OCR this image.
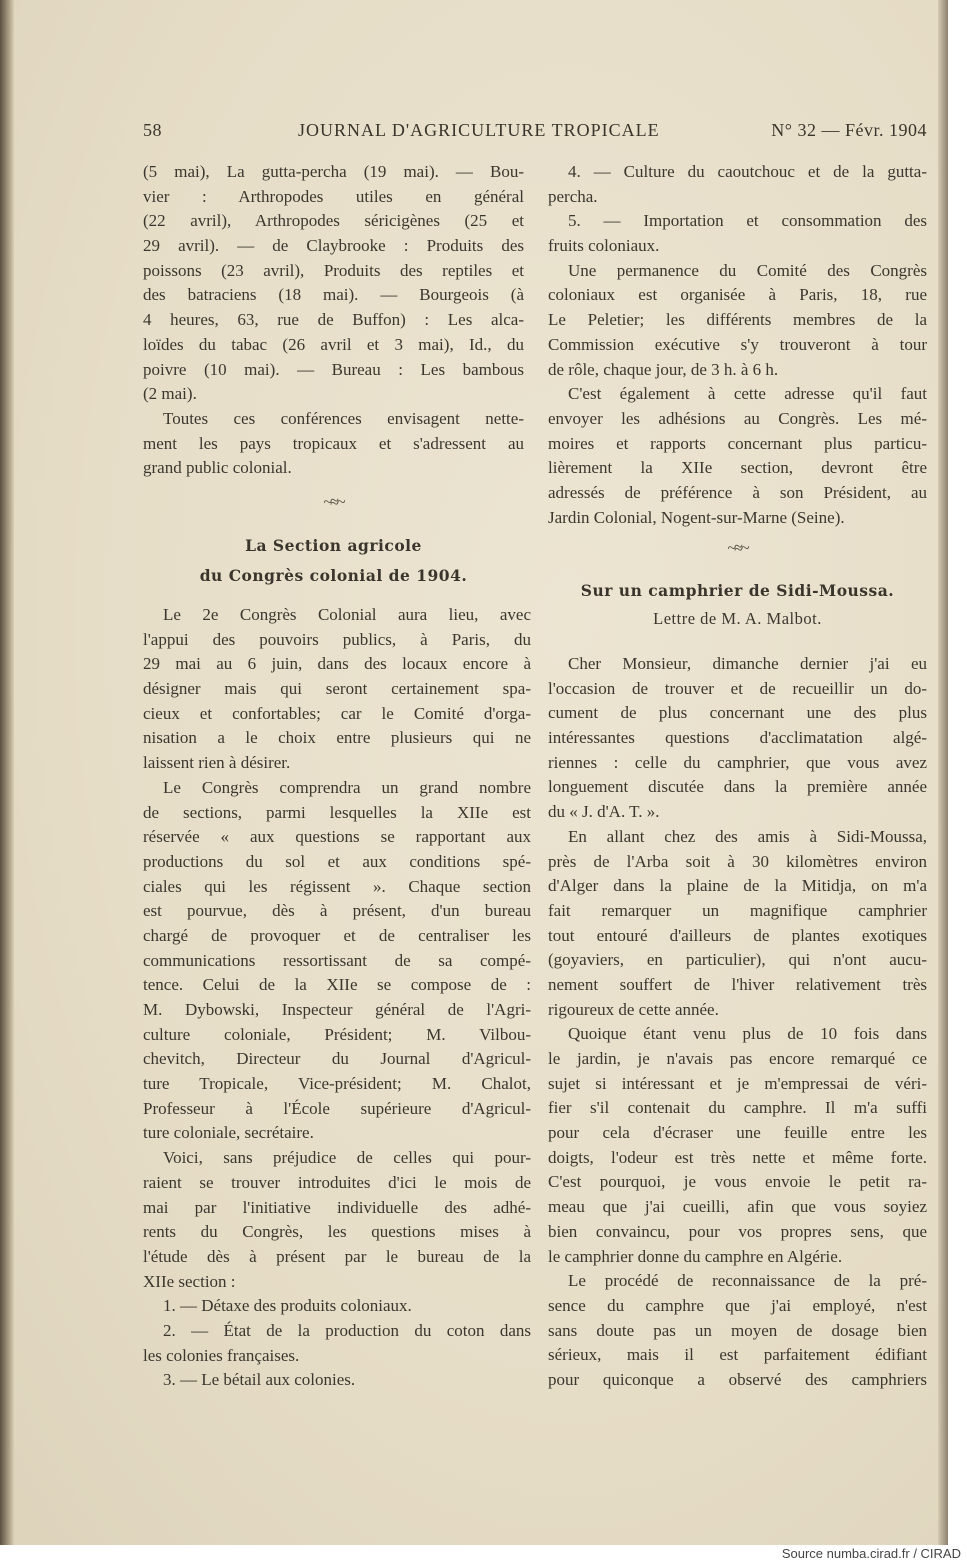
58	JOURNAL D'AGRICULTURE TROPICALE	N° 32 — Févr. 1904
(5 mai), La gutta-percha (19 mai). — Bou-
vier : Arthropodes utiles en général
(22 avril), Arthropodes séricigènes (25 et
29 avril). — de Claybrooke : Produits des
poissons (23 avril), Produits des reptiles et
des batraciens (18 mai). — Bourgeois (à
4 heures, 63, rue de Buffon) : Les alca-
loïdes du tabac (26 avril et 3 mai), Id., du
poivre (10 mai). — Bureau : Les bambous
(2 mai).
Toutes ces conférences envisagent nette-
ment les pays tropicaux et s'adressent au
grand public colonial.
~≈~
La Section agricole
du Congrès colonial de 1904.
Le 2e Congrès Colonial aura lieu, avec
l'appui des pouvoirs publics, à Paris, du
29 mai au 6 juin, dans des locaux encore à
désigner mais qui seront certainement spa-
cieux et confortables; car le Comité d'orga-
nisation a le choix entre plusieurs qui ne
laissent rien à désirer.
Le Congrès comprendra un grand nombre
de sections, parmi lesquelles la XIIe est
réservée « aux questions se rapportant aux
productions du sol et aux conditions spé-
ciales qui les régissent ». Chaque section
est pourvue, dès à présent, d'un bureau
chargé de provoquer et de centraliser les
communications ressortissant de sa compé-
tence. Celui de la XIIe se compose de :
M. Dybowski, Inspecteur général de l'Agri-
culture coloniale, Président; M. Vilbou-
chevitch, Directeur du Journal d'Agricul-
ture Tropicale, Vice-président; M. Chalot,
Professeur à l'École supérieure d'Agricul-
ture coloniale, secrétaire.
Voici, sans préjudice de celles qui pour-
raient se trouver introduites d'ici le mois de
mai par l'initiative individuelle des adhé-
rents du Congrès, les questions mises à
l'étude dès à présent par le bureau de la
XIIe section :
1. — Détaxe des produits coloniaux.
2. — État de la production du coton dans
les colonies françaises.
3. — Le bétail aux colonies.
4. — Culture du caoutchouc et de la gutta-
percha.
5. — Importation et consommation des
fruits coloniaux.
Une permanence du Comité des Congrès
coloniaux est organisée à Paris, 18, rue
Le Peletier; les différents membres de la
Commission exécutive s'y trouveront à tour
de rôle, chaque jour, de 3 h. à 6 h.
C'est également à cette adresse qu'il faut
envoyer les adhésions au Congrès. Les mé-
moires et rapports concernant plus particu-
lièrement la XIIe section, devront être
adressés de préférence à son Président, au
Jardin Colonial, Nogent-sur-Marne (Seine).
~≈~
Sur un camphrier de Sidi-Moussa.
Lettre de M. A. Malbot.
Cher Monsieur, dimanche dernier j'ai eu
l'occasion de trouver et de recueillir un do-
cument de plus concernant une des plus
intéressantes questions d'acclimatation algé-
riennes : celle du camphrier, que vous avez
longuement discutée dans la première année
du « J. d'A. T. ».
En allant chez des amis à Sidi-Moussa,
près de l'Arba soit à 30 kilomètres environ
d'Alger dans la plaine de la Mitidja, on m'a
fait remarquer un magnifique camphrier
tout entouré d'ailleurs de plantes exotiques
(goyaviers, en particulier), qui n'ont aucu-
nement souffert de l'hiver relativement très
rigoureux de cette année.
Quoique étant venu plus de 10 fois dans
le jardin, je n'avais pas encore remarqué ce
sujet si intéressant et je m'empressai de véri-
fier s'il contenait du camphre. Il m'a suffi
pour cela d'écraser une feuille entre les
doigts, l'odeur est très nette et même forte.
C'est pourquoi, je vous envoie le petit ra-
meau que j'ai cueilli, afin que vous soyiez
bien convaincu, pour vos propres sens, que
le camphrier donne du camphre en Algérie.
Le procédé de reconnaissance de la pré-
sence du camphre que j'ai employé, n'est
sans doute pas un moyen de dosage bien
sérieux, mais il est parfaitement édifiant
pour quiconque a observé des camphriers
Source numba.cirad.fr / CIRAD
